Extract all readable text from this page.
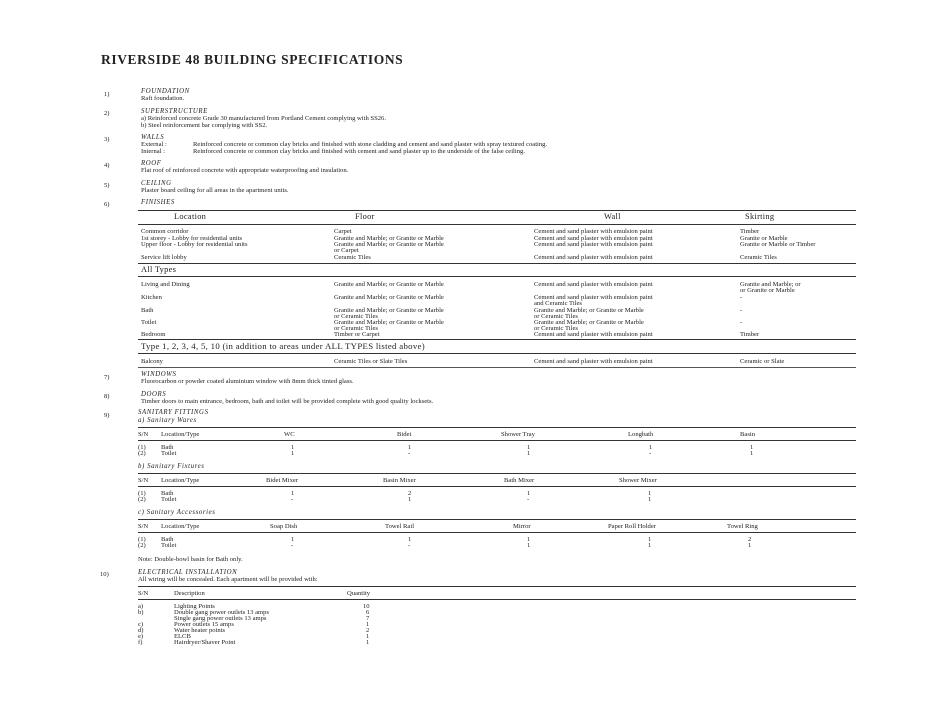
RIVERSIDE 48 BUILDING SPECIFICATIONS
1)	FOUNDATION
Raft foundation.
2)	SUPERSTRUCTURE
a) Reinforced concrete Grade 30 manufactured from Portland Cement complying with SS26.
b) Steel reinforcement bar complying with SS2.
3)	WALLS
External :	Reinforced concrete or common clay bricks and finished with stone cladding and cement and sand plaster with spray textured coating.
Internal :	Reinforced concrete or common clay bricks and finished with cement and sand plaster up to the underside of the false ceiling.
4)	ROOF
Flat roof of reinforced concrete with appropriate waterproofing and insulation.
5)	CEILING
Plaster board ceiling for all areas in the apartment units.
6)	FINISHES
Location	Floor	Wall	Skirting
Common corridor	Carpet	Cement and sand plaster with emulsion paint	Timber
1st storey - Lobby for residential units	Granite and Marble; or Granite or Marble	Cement and sand plaster with emulsion paint	Granite or Marble
Upper floor - Lobby for residential units	Granite and Marble; or Granite or Marble	Cement and sand plaster with emulsion paint	Granite or Marble or Timber
or Carpet
Service lift lobby	Ceramic Tiles	Cement and sand plaster with emulsion paint	Ceramic Tiles
All Types
Living and Dining	Granite and Marble; or Granite or Marble	Cement and sand plaster with emulsion paint	Granite and Marble; or
or Granite or Marble
Kitchen	Granite and Marble; or Granite or Marble	Cement and sand plaster with emulsion paint	-
and Ceramic Tiles
Bath	Granite and Marble; or Granite or Marble	Granite and Marble; or Granite or Marble	-
or Ceramic Tiles	or Ceramic Tiles
Toilet	Granite and Marble; or Granite or Marble	Granite and Marble; or Granite or Marble	-
or Ceramic Tiles	or Ceramic Tiles
Bedroom	Timber or Carpet	Cement and sand plaster with emulsion paint	Timber
Type 1, 2, 3, 4, 5, 10 (in addition to areas under ALL TYPES listed above)
Balcony	Ceramic Tiles or Slate Tiles	Cement and sand plaster with emulsion paint	Ceramic or Slate
7)	WINDOWS
Fluorocarbon or powder coated aluminium window with 8mm thick tinted glass.
8)	DOORS
Timber doors to main entrance, bedroom, bath and toilet will be provided complete with good quality locksets.
9)	SANITARY FITTINGS
a) Sanitary Wares
S/N Location/Type	WC	Bidet	Shower Tray	Longbath	Basin
(1) Bath	1	1	1	1	1
(2) Toilet	1	-	1	-	1
b) Sanitary Fixtures
S/N Location/Type	Bidet Mixer	Basin Mixer	Bath Mixer	Shower Mixer
(1) Bath	1	2	1	1
(2) Toilet	-	1	-	1
c) Sanitary Accessories
S/N Location/Type	Soap Dish	Towel Rail	Mirror	Paper Roll Holder	Towel Ring
(1) Bath	1	1	1	1	2
(2) Toilet	-	-	1	1	1
Note: Double-bowl basin for Bath only.
10)	ELECTRICAL INSTALLATION
All wiring will be concealed. Each apartment will be provided with:
S/N	Description	Quantity
a)	Lighting Points	10
b)	Double gang power outlets 13 amps	6
Single gang power outlets 13 amps	7
c)	Power outlets 15 amps	1
d)	Water heater points	2
e)	ELCB	1
f)	Hairdryer/Shaver Point	1
